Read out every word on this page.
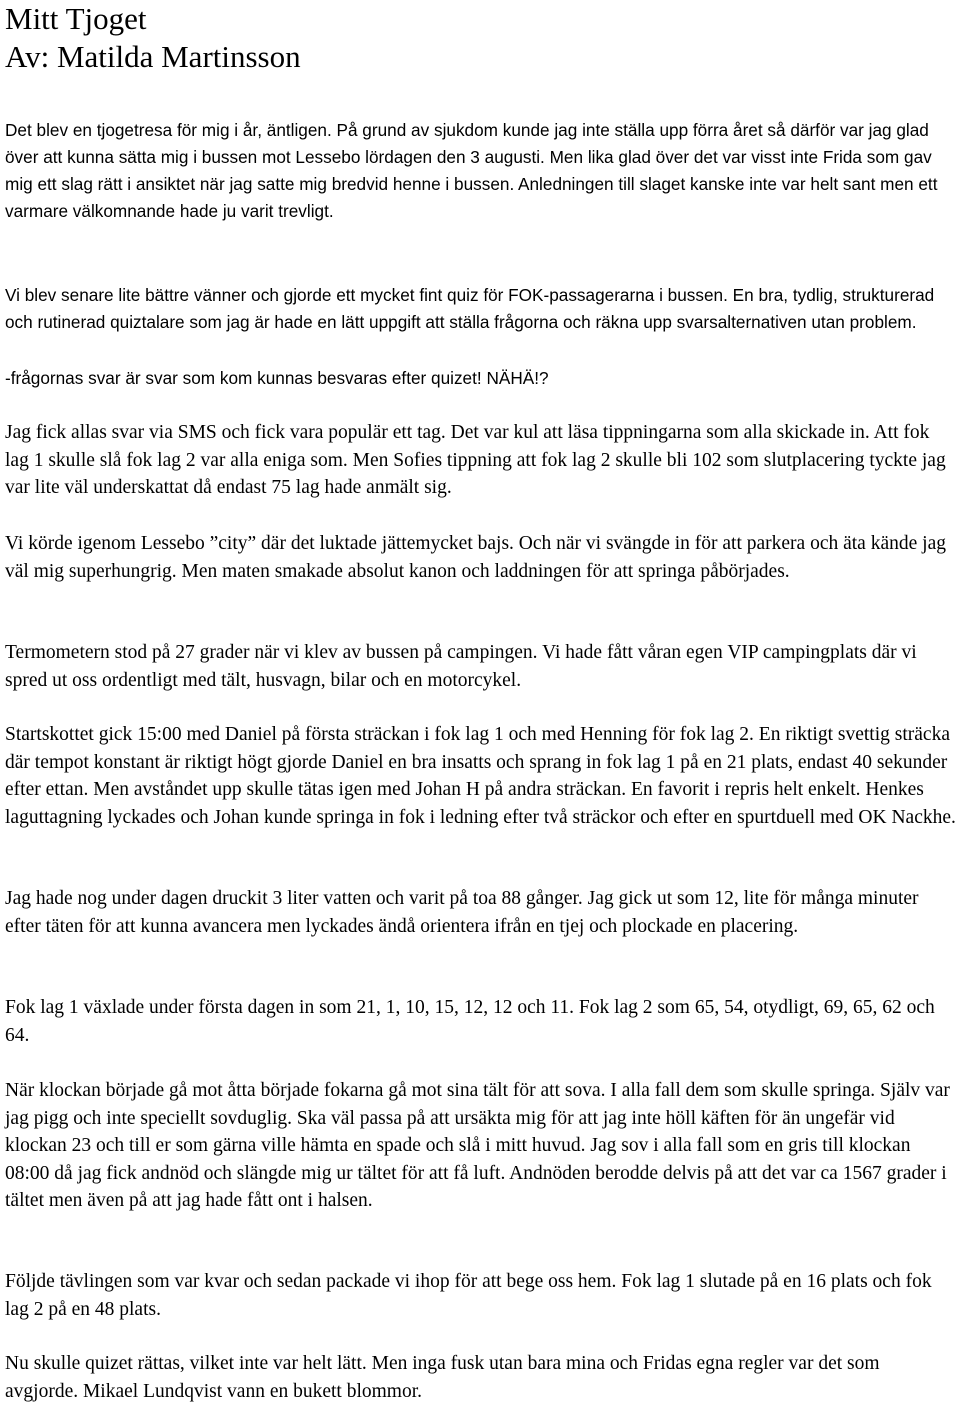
Mitt Tjoget
Av: Matilda Martinsson

Det blev en tjogetresa för mig i år, äntligen. På grund av sjukdom kunde jag inte ställa upp förra året så därför var jag glad över att kunna sätta mig i bussen mot Lessebo lördagen den 3 augusti. Men lika glad över det var visst inte Frida som gav mig ett slag rätt i ansiktet när jag satte mig bredvid henne i bussen. Anledningen till slaget kanske inte var helt sant men ett varmare välkomnande hade ju varit trevligt.

Vi blev senare lite bättre vänner och gjorde ett mycket fint quiz för FOK-passagerarna i bussen. En bra, tydlig, strukturerad och rutinerad quiztalare som jag är hade en lätt uppgift att ställa frågorna och räkna upp svarsalternativen utan problem.

-frågornas svar är svar som kom kunnas besvaras efter quizet! NÄHÄ!?

Jag fick allas svar via SMS och fick vara populär ett tag. Det var kul att läsa tippningarna som alla skickade in. Att fok lag 1 skulle slå fok lag 2 var alla eniga som. Men Sofies tippning att fok lag 2 skulle bli 102 som slutplacering tyckte jag var lite väl underskattat då endast 75 lag hade anmält sig.

Vi körde igenom Lessebo ”city” där det luktade jättemycket bajs. Och när vi svängde in för att parkera och äta kände jag väl mig superhungrig. Men maten smakade absolut kanon och laddningen för att springa påbörjades.

Termometern stod på 27 grader när vi klev av bussen på campingen. Vi hade fått våran egen VIP campingplats där vi spred ut oss ordentligt med tält, husvagn, bilar och en motorcykel.

Startskottet gick 15:00 med Daniel på första sträckan i fok lag 1 och med Henning för fok lag 2. En riktigt svettig sträcka där tempot konstant är riktigt högt gjorde Daniel en bra insatts och sprang in fok lag 1 på en 21 plats, endast 40 sekunder efter ettan. Men avståndet upp skulle tätas igen med Johan H på andra sträckan. En favorit i repris helt enkelt. Henkes laguttagning lyckades och Johan kunde springa in fok i ledning efter två sträckor och efter en spurtduell med OK Nackhe.

Jag hade nog under dagen druckit 3 liter vatten och varit på toa 88 gånger. Jag gick ut som 12, lite för många minuter efter täten för att kunna avancera men lyckades ändå orientera ifrån en tjej och plockade en placering.

Fok lag 1 växlade under första dagen in som 21, 1, 10, 15, 12, 12 och 11. Fok lag 2 som 65, 54, otydligt, 69, 65, 62 och 64.

När klockan började gå mot åtta började fokarna gå mot sina tält för att sova. I alla fall dem som skulle springa. Själv var jag pigg och inte speciellt sovduglig. Ska väl passa på att ursäkta mig för att jag inte höll käften för än ungefär vid klockan 23 och till er som gärna ville hämta en spade och slå i mitt huvud. Jag sov i alla fall som en gris till klockan 08:00 då jag fick andnöd och slängde mig ur tältet för att få luft. Andnöden berodde delvis på att det var ca 1567 grader i tältet men även på att jag hade fått ont i halsen.

Följde tävlingen som var kvar och sedan packade vi ihop för att bege oss hem. Fok lag 1 slutade på en 16 plats och fok lag 2 på en 48 plats.

Nu skulle quizet rättas, vilket inte var helt lätt. Men inga fusk utan bara mina och Fridas egna regler var det som avgjorde. Mikael Lundqvist vann en bukett blommor.
